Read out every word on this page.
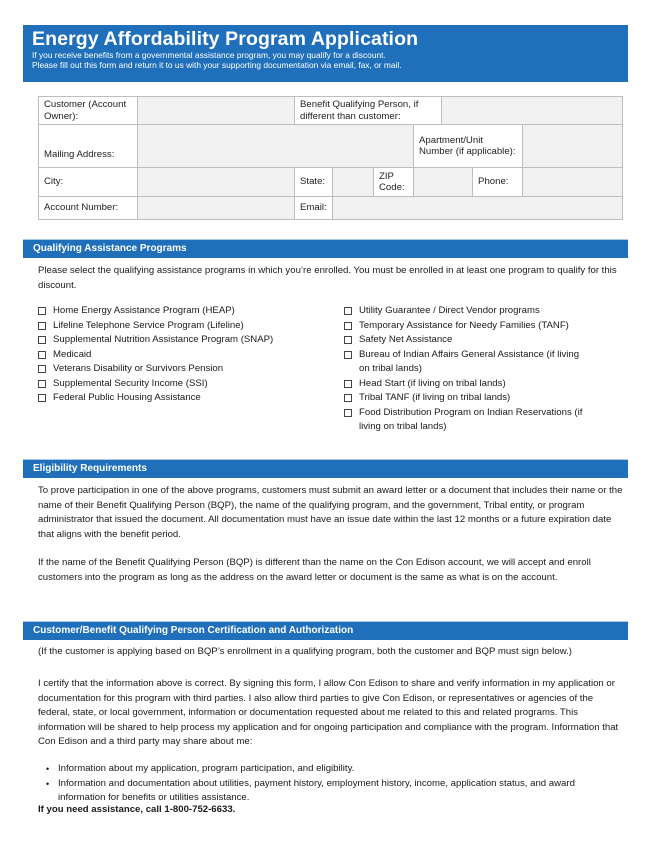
Energy Affordability Program Application

If you receive benefits from a governmental assistance program, you may qualify for a discount.

Please fill out this form and return it to us with your supporting documentation via email, fax, or mail.

Customer (Account Owner):		Benefit Qualifying Person, if different than customer:						
Mailing Address:					Apartment/Unit Number (if applicable):			
City:		State:		ZIP Code:			Phone:	
Account Number:		Email:						
Qualifying Assistance Programs
Please select the qualifying assistance programs in which you’re enrolled. You must be enrolled in at least one program to qualify for this discount.
Home Energy Assistance Program (HEAP)
Lifeline Telephone Service Program (Lifeline)
Supplemental Nutrition Assistance Program (SNAP)
Medicaid
Veterans Disability or Survivors Pension
Supplemental Security Income (SSI)
Federal Public Housing Assistance
Utility Guarantee / Direct Vendor programs
Temporary Assistance for Needy Families (TANF)
Safety Net Assistance
Bureau of Indian Affairs General Assistance (if living on tribal lands)
Head Start (if living on tribal lands)
Tribal TANF (if living on tribal lands)
Food Distribution Program on Indian Reservations (if living on tribal lands)
Eligibility Requirements
To prove participation in one of the above programs, customers must submit an award letter or a document that includes their name or the name of their Benefit Qualifying Person (BQP), the name of the qualifying program, and the government, Tribal entity, or program administrator that issued the document. All documentation must have an issue date within the last 12 months or a future expiration date that aligns with the benefit period.
If the name of the Benefit Qualifying Person (BQP) is different than the name on the Con Edison account, we will accept and enroll customers into the program as long as the address on the award letter or document is the same as what is on the account.
Customer/Benefit Qualifying Person Certification and Authorization
(If the customer is applying based on BQP’s enrollment in a qualifying program, both the customer and BQP must sign below.)
I certify that the information above is correct. By signing this form, I allow Con Edison to share and verify information in my application or documentation for this program with third parties. I also allow third parties to give Con Edison, or representatives or agencies of the federal, state, or local government, information or documentation requested about me related to this and related programs. This information will be shared to help process my application and for ongoing participation and compliance with the program. Information that Con Edison and a third party may share about me:
• Information about my application, program participation, and eligibility.
• Information and documentation about utilities, payment history, employment history, income, application status, and award information for benefits or utilities assistance.
If you need assistance, call 1-800-752-6633.
